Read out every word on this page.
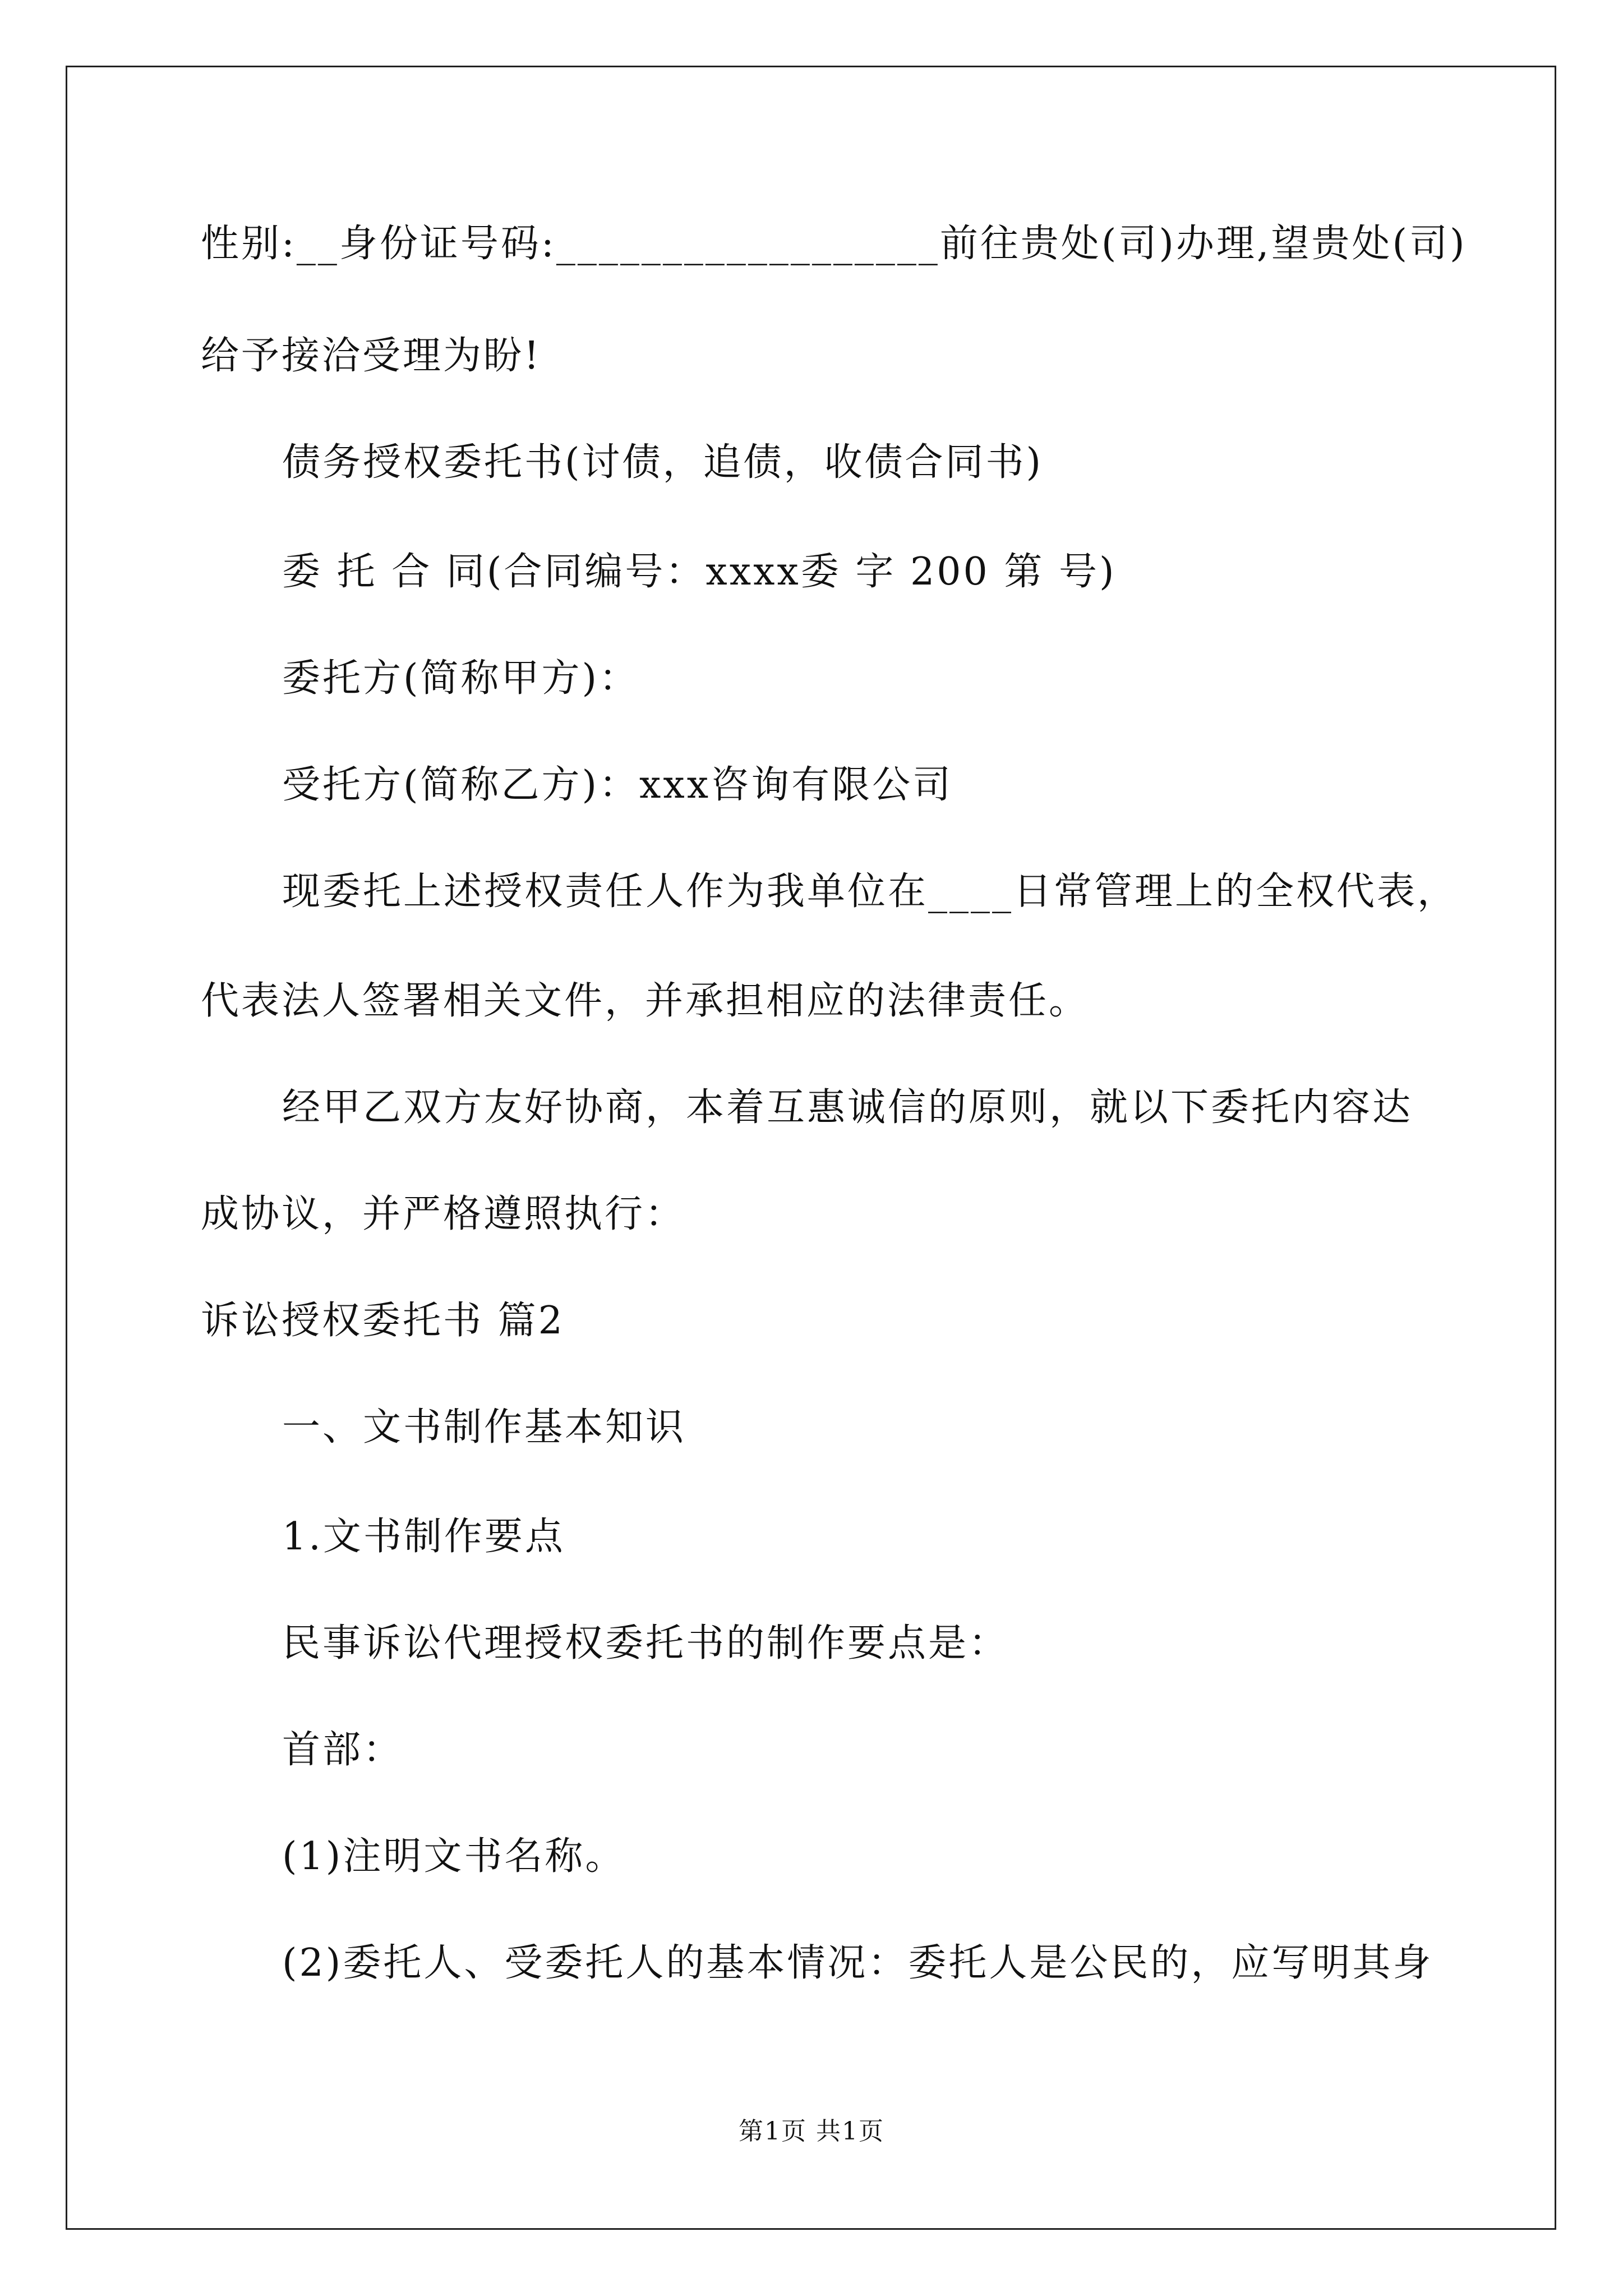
性别:__身份证号码:__________________前往贵处(司)办理,望贵处(司)
给予接洽受理为盼!
债务授权委托书(讨债，追债，收债合同书)
委 托 合 同(合同编号：xxxx委 字 200 第 号)
委托方(简称甲方)：
受托方(简称乙方)：xxx咨询有限公司
现委托上述授权责任人作为我单位在____日常管理上的全权代表，
代表法人签署相关文件，并承担相应的法律责任。
经甲乙双方友好协商，本着互惠诚信的原则，就以下委托内容达
成协议，并严格遵照执行：
诉讼授权委托书 篇2
一、文书制作基本知识
1.文书制作要点
民事诉讼代理授权委托书的制作要点是：
首部：
(1)注明文书名称。
(2)委托人、受委托人的基本情况：委托人是公民的，应写明其身
第1页 共1页
